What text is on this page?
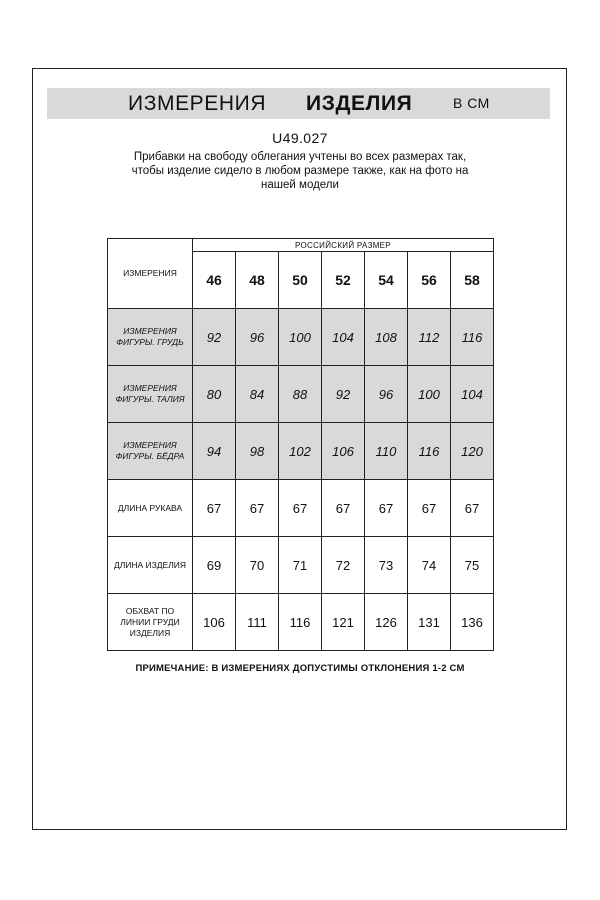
ИЗМЕРЕНИЯ ИЗДЕЛИЯ	В СМ
U49.027
Прибавки на свободу облегания учтены во всех размерах так,
чтобы изделие сидело в любом размере также, как на фото на
нашей модели
ИЗМЕРЕНИЯ	РОССИЙСКИЙ РАЗМЕР						
	46	48	50	52	54	56	58

ИЗМЕРЕНИЯ
ФИГУРЫ. ГРУДЬ	92	96	100	104	108	112	116

ИЗМЕРЕНИЯ
ФИГУРЫ. ТАЛИЯ	80	84	88	92	96	100	104

ИЗМЕРЕНИЯ
ФИГУРЫ. БЁДРА	94	98	102	106	110	116	120

ДЛИНА РУКАВА	67	67	67	67	67	67	67

ДЛИНА ИЗДЕЛИЯ	69	70	71	72	73	74	75

ОБХВАТ ПО
ЛИНИИ ГРУДИ
ИЗДЕЛИЯ	106	111	116	121	126	131	136
ПРИМЕЧАНИЕ: В ИЗМЕРЕНИЯХ ДОПУСТИМЫ ОТКЛОНЕНИЯ 1-2 СМ
